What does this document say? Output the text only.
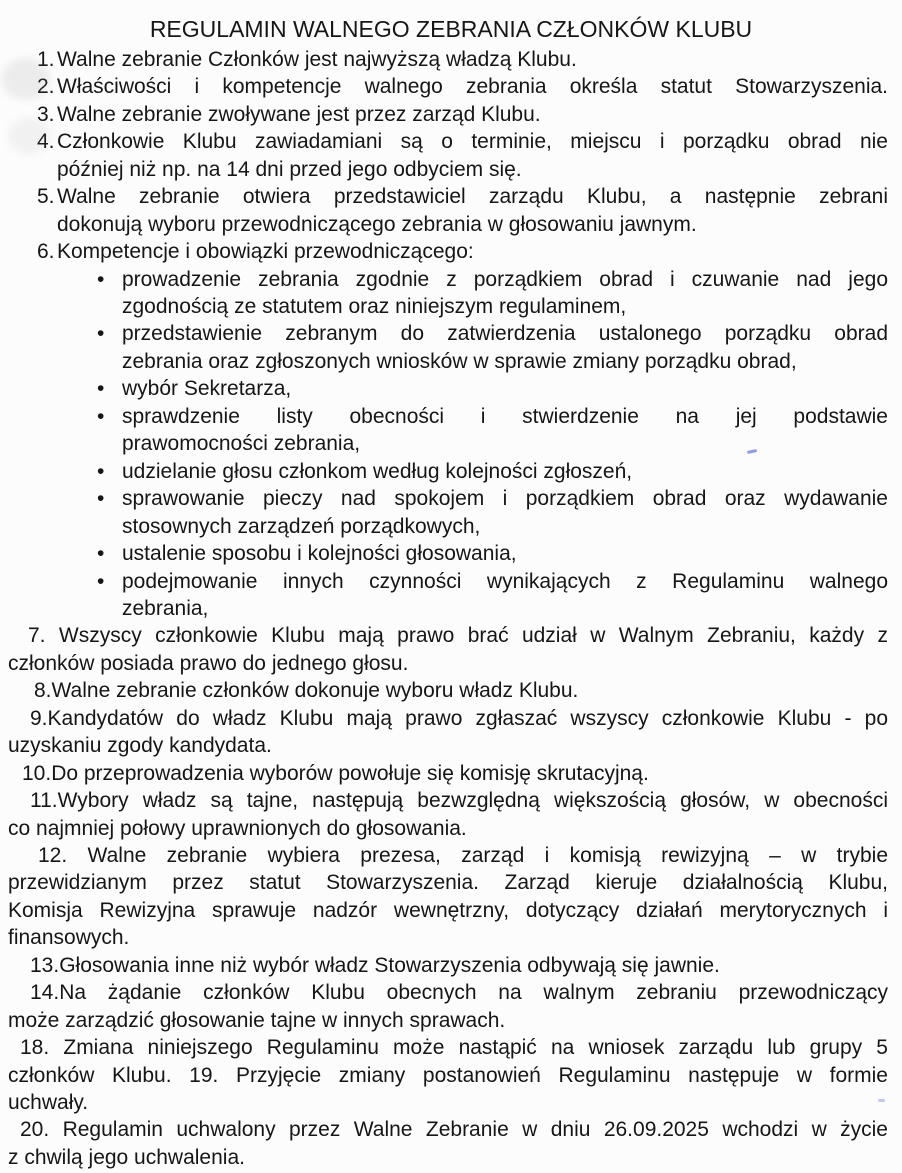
REGULAMIN WALNEGO ZEBRANIA CZŁONKÓW KLUBU
1. Walne zebranie Członków jest najwyższą władzą Klubu.
2. Właściwości i kompetencje walnego zebrania określa statut Stowarzyszenia.
3. Walne zebranie zwoływane jest przez zarząd Klubu.
4. Członkowie Klubu zawiadamiani są o terminie, miejscu i porządku obrad nie
później niż np. na 14 dni przed jego odbyciem się.
5. Walne zebranie otwiera przedstawiciel zarządu Klubu, a następnie zebrani
dokonują wyboru przewodniczącego zebrania w głosowaniu jawnym.
6. Kompetencje i obowiązki przewodniczącego:
• prowadzenie zebrania zgodnie z porządkiem obrad i czuwanie nad jego
zgodnością ze statutem oraz niniejszym regulaminem,
• przedstawienie zebranym do zatwierdzenia ustalonego porządku obrad
zebrania oraz zgłoszonych wniosków w sprawie zmiany porządku obrad,
• wybór Sekretarza,
• sprawdzenie listy obecności i stwierdzenie na jej podstawie
prawomocności zebrania,
• udzielanie głosu członkom według kolejności zgłoszeń,
• sprawowanie pieczy nad spokojem i porządkiem obrad oraz wydawanie
stosownych zarządzeń porządkowych,
• ustalenie sposobu i kolejności głosowania,
• podejmowanie innych czynności wynikających z Regulaminu walnego
zebrania,
7. Wszyscy członkowie Klubu mają prawo brać udział w Walnym Zebraniu, każdy z
członków posiada prawo do jednego głosu.
8.Walne zebranie członków dokonuje wyboru władz Klubu.
9.Kandydatów do władz Klubu mają prawo zgłaszać wszyscy członkowie Klubu - po
uzyskaniu zgody kandydata.
10.Do przeprowadzenia wyborów powołuje się komisję skrutacyjną.
11.Wybory władz są tajne, następują bezwzględną większością głosów, w obecności
co najmniej połowy uprawnionych do głosowania.
12. Walne zebranie wybiera prezesa, zarząd i komisją rewizyjną – w trybie
przewidzianym przez statut Stowarzyszenia. Zarząd kieruje działalnością Klubu,
Komisja Rewizyjna sprawuje nadzór wewnętrzny, dotyczący działań merytorycznych i
finansowych.
13.Głosowania inne niż wybór władz Stowarzyszenia odbywają się jawnie.
14.Na żądanie członków Klubu obecnych na walnym zebraniu przewodniczący
może zarządzić głosowanie tajne w innych sprawach.
18. Zmiana niniejszego Regulaminu może nastąpić na wniosek zarządu lub grupy 5
członków Klubu. 19. Przyjęcie zmiany postanowień Regulaminu następuje w formie
uchwały.
20. Regulamin uchwalony przez Walne Zebranie w dniu 26.09.2025 wchodzi w życie
z chwilą jego uchwalenia.
